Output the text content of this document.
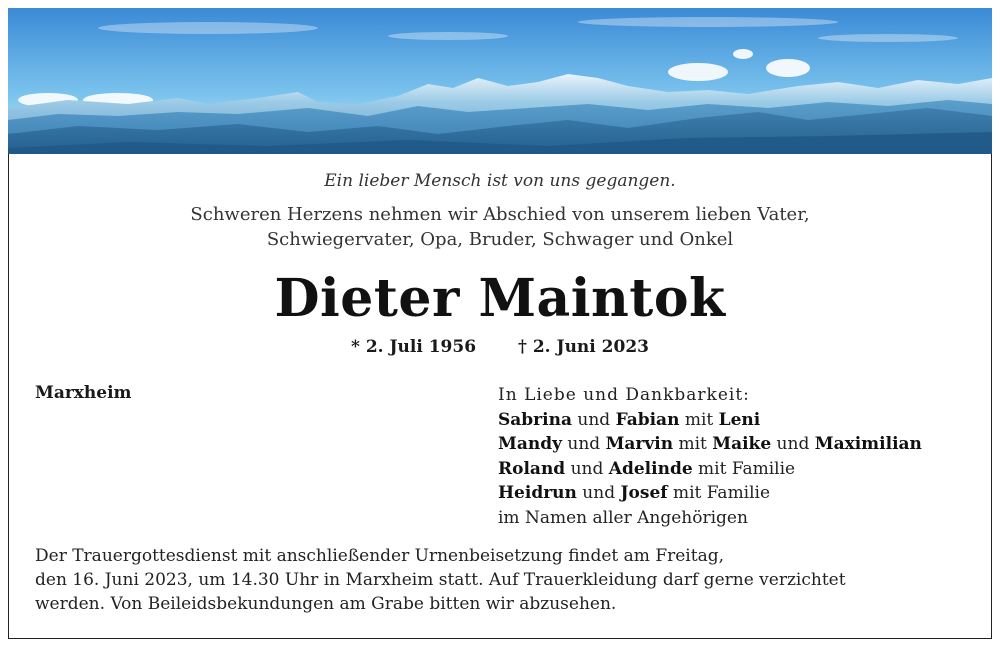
Ein lieber Mensch ist von uns gegangen.
Schweren Herzens nehmen wir Abschied von unserem lieben Vater,
Schwiegervater, Opa, Bruder, Schwager und Onkel
Dieter Maintok
* 2. Juli 1956 † 2. Juni 2023
Marxheim	In Liebe und Dankbarkeit:
Sabrina und Fabian mit Leni
Mandy und Marvin mit Maike und Maximilian
Roland und Adelinde mit Familie
Heidrun und Josef mit Familie
im Namen aller Angehörigen
Der Trauergottesdienst mit anschließender Urnenbeisetzung findet am Freitag,
den 16. Juni 2023, um 14.30 Uhr in Marxheim statt. Auf Trauerkleidung darf gerne verzichtet
werden. Von Beileidsbekundungen am Grabe bitten wir abzusehen.
